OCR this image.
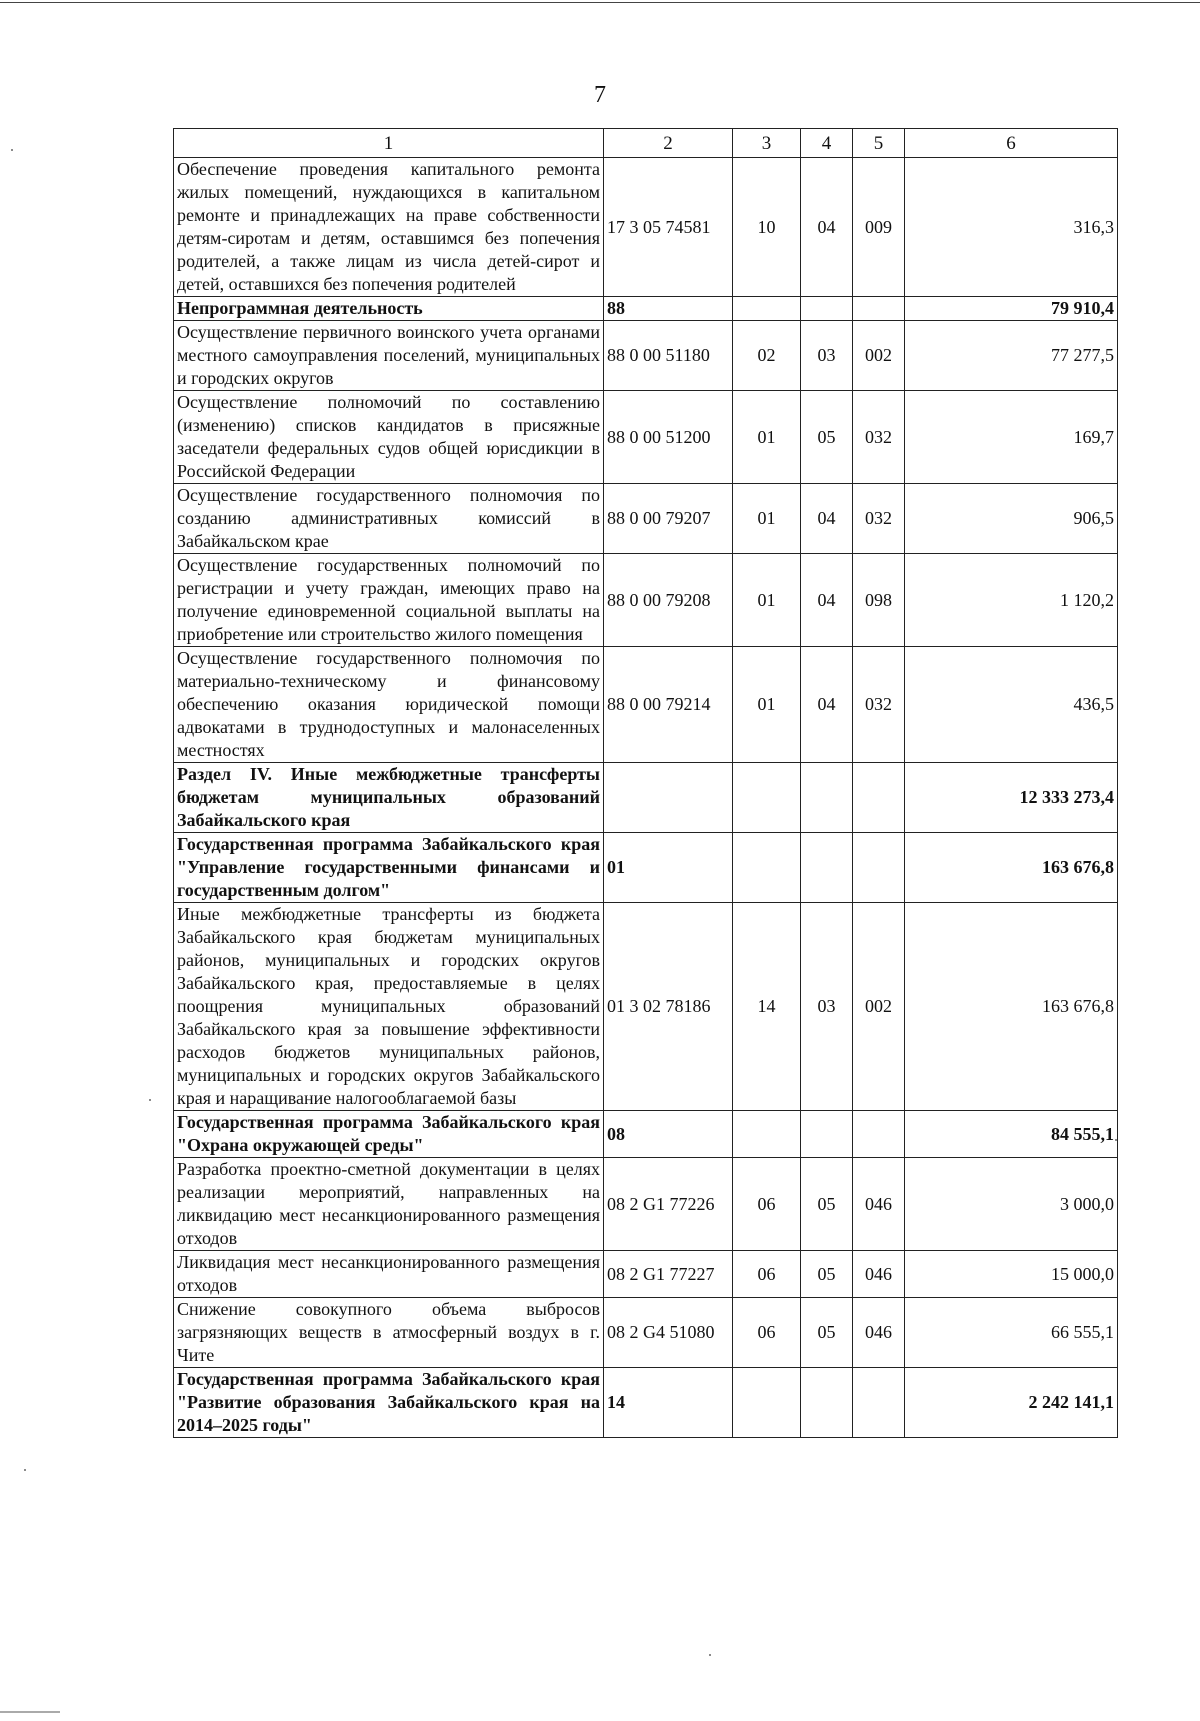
7
1	2	3	4	5	6
Обеспечение проведения капитального ремонта жилых помещений, нуждающихся в капитальном ремонте и принадлежащих на праве собственности детям-сиротам и детям, оставшимся без попечения родителей, а также лицам из числа детей-сирот и детей, оставшихся без попечения родителей	17 3 05 74581	10	04	009	316,3
Непрограммная деятельность	88				79 910,4
Осуществление первичного воинского учета органами местного самоуправления поселений, муниципальных и городских округов	88 0 00 51180	02	03	002	77 277,5
Осуществление полномочий по составлению (изменению) списков кандидатов в присяжные заседатели федеральных судов общей юрисдикции в Российской Федерации	88 0 00 51200	01	05	032	169,7
Осуществление государственного полномочия по созданию административных комиссий в Забайкальском крае	88 0 00 79207	01	04	032	906,5
Осуществление государственных полномочий по регистрации и учету граждан, имеющих право на получение единовременной социальной выплаты на приобретение или строительство жилого помещения	88 0 00 79208	01	04	098	1 120,2
Осуществление государственного полномочия по материально-техническому и финансовому обеспечению оказания юридической помощи адвокатами в труднодоступных и малонаселенных местностях	88 0 00 79214	01	04	032	436,5
Раздел IV. Иные межбюджетные трансферты бюджетам муниципальных образований Забайкальского края					12 333 273,4
Государственная программа Забайкальского края "Управление государственными финансами и государственным долгом"	01				163 676,8
Иные межбюджетные трансферты из бюджета Забайкальского края бюджетам муниципальных районов, муниципальных и городских округов Забайкальского края, предоставляемые в целях поощрения муниципальных образований Забайкальского края за повышение эффективности расходов бюджетов муниципальных районов, муниципальных и городских округов Забайкальского края и наращивание налогооблагаемой базы	01 3 02 78186	14	03	002	163 676,8
Государственная программа Забайкальского края "Охрана окружающей среды"	08				84 555,1
Разработка проектно-сметной документации в целях реализации мероприятий, направленных на ликвидацию мест несанкционированного размещения отходов	08 2 G1 77226	06	05	046	3 000,0
Ликвидация мест несанкционированного размещения отходов	08 2 G1 77227	06	05	046	15 000,0
Снижение совокупного объема выбросов загрязняющих веществ в атмосферный воздух в г. Чите	08 2 G4 51080	06	05	046	66 555,1
Государственная программа Забайкальского края "Развитие образования Забайкальского края на 2014–2025 годы"	14				2 242 141,1
